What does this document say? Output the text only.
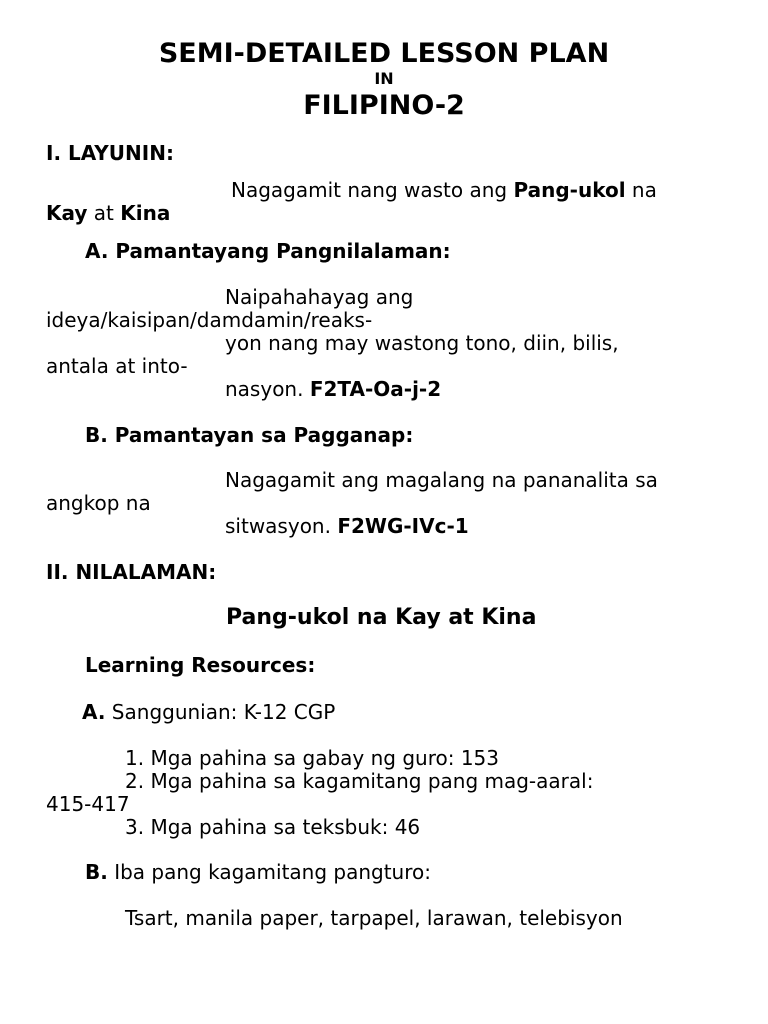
SEMI-DETAILED LESSON PLAN
IN
FILIPINO-2
I. LAYUNIN:
Nagagamit nang wasto ang Pang-ukol na
Kay at Kina
A. Pamantayang Pangnilalaman:
Naipahahayag ang
ideya/kaisipan/damdamin/reaks-
yon nang may wastong tono, diin, bilis,
antala at into-
nasyon. F2TA-Oa-j-2
B. Pamantayan sa Pagganap:
Nagagamit ang magalang na pananalita sa
angkop na
sitwasyon. F2WG-IVc-1
II. NILALAMAN:
Pang-ukol na Kay at Kina
Learning Resources:
A. Sanggunian: K-12 CGP
1. Mga pahina sa gabay ng guro: 153
2. Mga pahina sa kagamitang pang mag-aaral:
415-417
3. Mga pahina sa teksbuk: 46
B. Iba pang kagamitang pangturo:
Tsart, manila paper, tarpapel, larawan, telebisyon
